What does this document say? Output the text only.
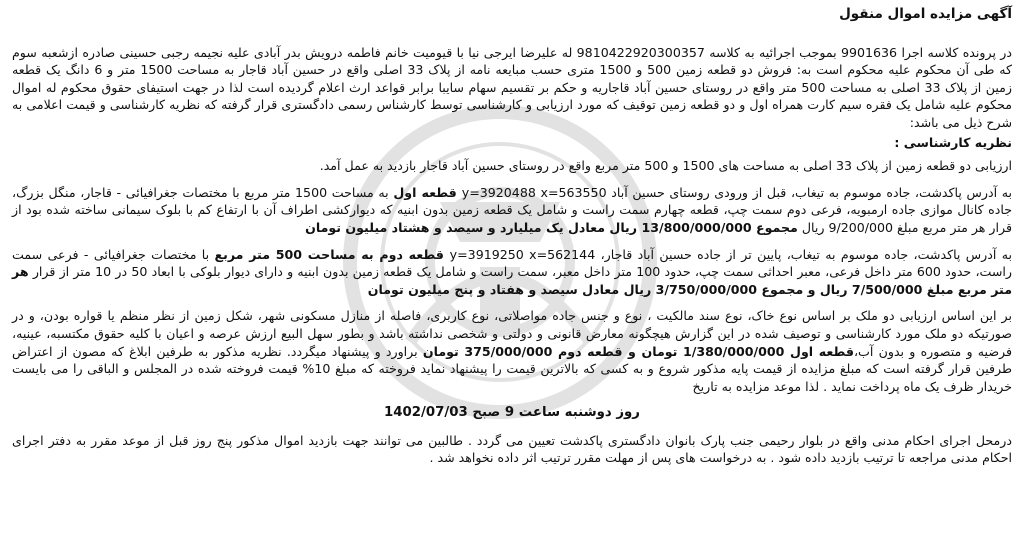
آگهی مزایده اموال منقول

در پرونده کلاسه اجرا 9901636 بموجب اجرائیه به کلاسه 9810422920300357 له علیرضا ایرجی نیا با قیومیت خانم فاطمه درویش بدر آبادی علیه نجیمه رجبی حسینی صادره ازشعبه سوم که طی آن محکوم علیه محکوم است به: فروش دو قطعه زمین 500 و 1500 متری حسب مبایعه نامه از پلاک 33 اصلی واقع در حسین آباد قاجار به مساحت 1500 متر و 6 دانگ یک قطعه زمین از پلاک 33 اصلی به مساحت 500 متر واقع در روستای حسین آباد قاجاریه و حکم بر تقسیم سهام سایبا برابر قواعد ارث اعلام گردیده است لذا در جهت استیفای حقوق محکوم له اموال محکوم علیه شامل یک فقره سیم کارت همراه اول و دو قطعه زمین توقیف که مورد ارزیابی و کارشناسی توسط کارشناس رسمی دادگستری قرار گرفته که نظریه کارشناسی و قیمت اعلامی به شرح ذیل می باشد:

نظریه کارشناسی :

ارزیابی دو قطعه زمین از پلاک 33 اصلی به مساحت های 1500 و 500 متر مربع واقع در روستای حسین آباد قاجار بازدید به عمل آمد.

به آدرس پاکدشت، جاده موسوم به تیغاب، قبل از ورودی روستای حسین آباد y=3920488 x=563550 قطعه اول به مساحت 1500 متر مربع با مختصات جغرافیائی - قاجار، منگل بزرگ، جاده کانال موازی جاده ارمبویه، فرعی دوم سمت چپ، قطعه چهارم سمت راست و شامل یک قطعه زمین بدون ابنیه که دیوارکشی اطراف آن با ارتفاع کم با بلوک سیمانی ساخته شده بود از قرار هر متر مربع مبلغ 9/200/000 ریال مجموع 13/800/000/000 ریال معادل یک میلیارد و سیصد و هشتاد میلیون تومان

به آدرس پاکدشت، جاده موسوم به تیغاب، پایین تر از جاده حسین آباد قاجار، y=3919250 x=562144 قطعه دوم به مساحت 500 متر مربع با مختصات جغرافیائی - فرعی سمت راست، حدود 600 متر داخل فرعی، معبر احداثی سمت چپ، حدود 100 متر داخل معبر، سمت راست و شامل یک قطعه زمین بدون ابنیه و دارای دیوار بلوکی با ابعاد 50 در 10 متر از قرار هر متر مربع مبلغ 7/500/000 ریال و مجموع 3/750/000/000 ریال معادل سیصد و هفتاد و پنج میلیون تومان

بر این اساس ارزیابی دو ملک بر اساس نوع خاک، نوع سند مالکیت ، نوع و جنس جاده مواصلاتی، نوع کاربری، فاصله از منازل مسکونی شهر، شکل زمین از نظر منظم یا قواره بودن، و در صورتیکه دو ملک مورد کارشناسی و توصیف شده در این گزارش هیچگونه معارض قانونی و دولتی و شخصی نداشته باشد و بطور سهل البیع ارزش عرصه و اعیان با کلیه حقوق مکتسبه، عینیه، فرضیه و متصوره و بدون آب،قطعه اول 1/380/000/000 تومان و قطعه دوم 375/000/000 تومان براورد و پیشنهاد میگردد. نظریه مذکور به طرفین ابلاغ که مصون از اعتراض طرفین قرار گرفته است که مبلغ مزایده از قیمت پایه مذکور شروع و به کسی که بالاترین قیمت را پیشنهاد نماید فروخته که مبلغ 10% قیمت فروخته شده در المجلس و الباقی را می بایست خریدار ظرف یک ماه پرداخت نماید . لذا موعد مزایده به تاریخ

روز دوشنبه ساعت 9 صبح 1402/07/03

درمحل اجرای احکام مدنی واقع در بلوار رحیمی جنب پارک بانوان دادگستری پاکدشت تعیین می گردد . طالبین می توانند جهت بازدید اموال مذکور پنج روز قبل از موعد مقرر به دفتر اجرای احکام مدنی مراجعه تا ترتیب بازدید داده شود . به درخواست های پس از مهلت مقرر ترتیب اثر داده نخواهد شد .
